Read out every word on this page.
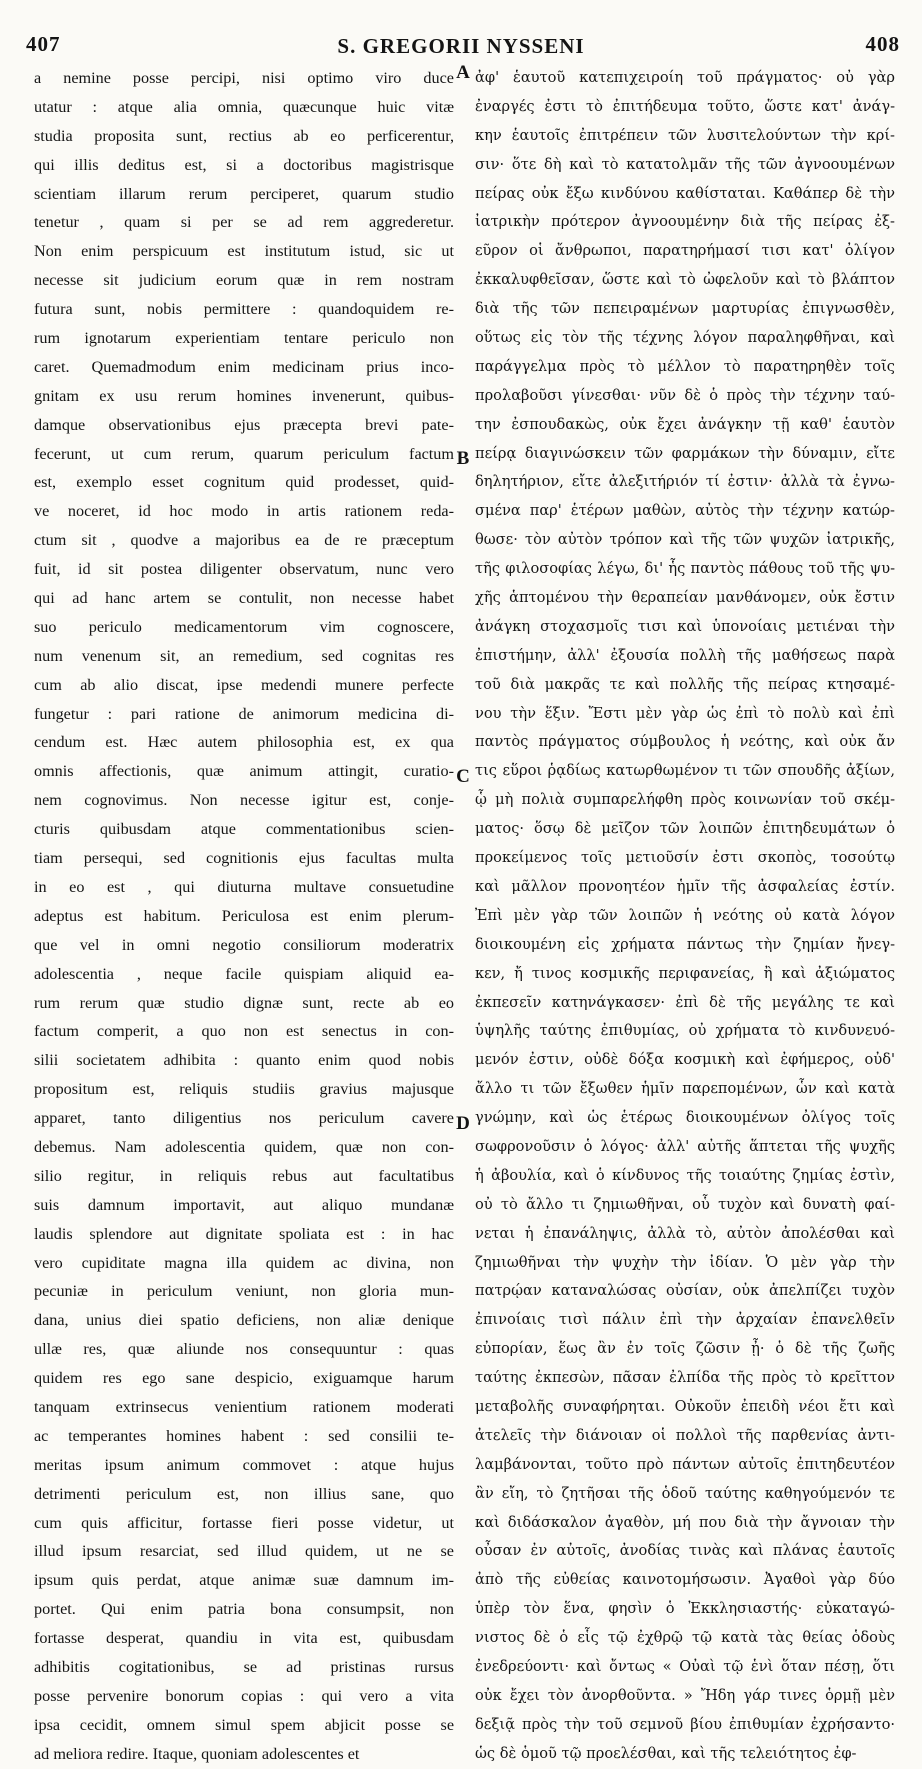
407	S. GREGORII NYSSENI	408
a nemine posse percipi, nisi optimo viro duce
utatur : atque alia omnia, quæcunque huic vitæ
studia proposita sunt, rectius ab eo perficerentur,
qui illis deditus est, si a doctoribus magistrisque
scientiam illarum rerum perciperet, quarum studio
tenetur , quam si per se ad rem aggrederetur.
Non enim perspicuum est institutum istud, sic ut
necesse sit judicium eorum quæ in rem nostram
futura sunt, nobis permittere : quandoquidem re-
rum ignotarum experientiam tentare periculo non
caret. Quemadmodum enim medicinam prius inco-
gnitam ex usu rerum homines invenerunt, quibus-
damque observationibus ejus præcepta brevi pate-
fecerunt, ut cum rerum, quarum periculum factum
est, exemplo esset cognitum quid prodesset, quid-
ve noceret, id hoc modo in artis rationem reda-
ctum sit , quodve a majoribus ea de re præceptum
fuit, id sit postea diligenter observatum, nunc vero
qui ad hanc artem se contulit, non necesse habet
suo periculo medicamentorum vim cognoscere,
num venenum sit, an remedium, sed cognitas res
cum ab alio discat, ipse medendi munere perfecte
fungetur : pari ratione de animorum medicina di-
cendum est. Hæc autem philosophia est, ex qua
omnis affectionis, quæ animum attingit, curatio-
nem cognovimus. Non necesse igitur est, conje-
cturis quibusdam atque commentationibus scien-
tiam persequi, sed cognitionis ejus facultas multa
in eo est , qui diuturna multave consuetudine
adeptus est habitum. Periculosa est enim plerum-
que vel in omni negotio consiliorum moderatrix
adolescentia , neque facile quispiam aliquid ea-
rum rerum quæ studio dignæ sunt, recte ab eo
factum comperit, a quo non est senectus in con-
silii societatem adhibita : quanto enim quod nobis
propositum est, reliquis studiis gravius majusque
apparet, tanto diligentius nos periculum cavere
debemus. Nam adolescentia quidem, quæ non con-
silio regitur, in reliquis rebus aut facultatibus
suis damnum importavit, aut aliquo mundanæ
laudis splendore aut dignitate spoliata est : in hac
vero cupiditate magna illa quidem ac divina, non
pecuniæ in periculum veniunt, non gloria mun-
dana, unius diei spatio deficiens, non aliæ denique
ullæ res, quæ aliunde nos consequuntur : quas
quidem res ego sane despicio, exiguamque harum
tanquam extrinsecus venientium rationem moderati
ac temperantes homines habent : sed consilii te-
meritas ipsum animum commovet : atque hujus
detrimenti periculum est, non illius sane, quo
cum quis afficitur, fortasse fieri posse videtur, ut
illud ipsum resarciat, sed illud quidem, ut ne se
ipsum quis perdat, atque animæ suæ damnum im-
portet. Qui enim patria bona consumpsit, non
fortasse desperat, quandiu in vita est, quibusdam
adhibitis cogitationibus, se ad pristinas rursus
posse pervenire bonorum copias : qui vero a vita
ipsa cecidit, omnem simul spem abjicit posse se
ad meliora redire. Itaque, quoniam adolescentes et
ἀφ' ἑαυτοῦ κατεπιχειροίη τοῦ πράγματος· οὐ γὰρ
ἐναργές ἐστι τὸ ἐπιτήδευμα τοῦτο, ὥστε κατ' ἀνάγ-
κην ἑαυτοῖς ἐπιτρέπειν τῶν λυσιτελούντων τὴν κρί-
σιν· ὅτε δὴ καὶ τὸ κατατολμᾶν τῆς τῶν ἀγνοουμένων
πείρας οὐκ ἔξω κινδύνου καθίσταται. Καθάπερ δὲ τὴν
ἰατρικὴν πρότερον ἀγνοουμένην διὰ τῆς πείρας ἐξ-
εῦρον οἱ ἄνθρωποι, παρατηρήμασί τισι κατ' ὀλίγον
ἐκκαλυφθεῖσαν, ὥστε καὶ τὸ ὠφελοῦν καὶ τὸ βλάπτον
διὰ τῆς τῶν πεπειραμένων μαρτυρίας ἐπιγνωσθὲν,
οὕτως εἰς τὸν τῆς τέχνης λόγον παραληφθῆναι, καὶ
παράγγελμα πρὸς τὸ μέλλον τὸ παρατηρηθὲν τοῖς
προλαβοῦσι γίνεσθαι· νῦν δὲ ὁ πρὸς τὴν τέχνην ταύ-
την ἐσπουδακὼς, οὐκ ἔχει ἀνάγκην τῇ καθ' ἑαυτὸν
πείρᾳ διαγινώσκειν τῶν φαρμάκων τὴν δύναμιν, εἴτε
δηλητήριον, εἴτε ἀλεξιτήριόν τί ἐστιν· ἀλλὰ τὰ ἐγνω-
σμένα παρ' ἑτέρων μαθὼν, αὐτὸς τὴν τέχνην κατώρ-
θωσε· τὸν αὐτὸν τρόπον καὶ τῆς τῶν ψυχῶν ἰατρικῆς,
τῆς φιλοσοφίας λέγω, δι' ἧς παντὸς πάθους τοῦ τῆς ψυ-
χῆς ἁπτομένου τὴν θεραπείαν μανθάνομεν, οὐκ ἔστιν
ἀνάγκη στοχασμοῖς τισι καὶ ὑπονοίαις μετιέναι τὴν
ἐπιστήμην, ἀλλ' ἐξουσία πολλὴ τῆς μαθήσεως παρὰ
τοῦ διὰ μακρᾶς τε καὶ πολλῆς τῆς πείρας κτησαμέ-
νου τὴν ἕξιν. Ἔστι μὲν γὰρ ὡς ἐπὶ τὸ πολὺ καὶ ἐπὶ
παντὸς πράγματος σύμβουλος ἡ νεότης, καὶ οὐκ ἄν
τις εὕροι ῥᾳδίως κατωρθωμένον τι τῶν σπουδῆς ἀξίων,
ᾧ μὴ πολιὰ συμπαρελήφθη πρὸς κοινωνίαν τοῦ σκέμ-
ματος· ὅσῳ δὲ μεῖζον τῶν λοιπῶν ἐπιτηδευμάτων ὁ
προκείμενος τοῖς μετιοῦσίν ἐστι σκοπὸς, τοσούτῳ
καὶ μᾶλλον προνοητέον ἡμῖν τῆς ἀσφαλείας ἐστίν.
Ἐπὶ μὲν γὰρ τῶν λοιπῶν ἡ νεότης οὐ κατὰ λόγον
διοικουμένη εἰς χρήματα πάντως τὴν ζημίαν ἤνεγ-
κεν, ἤ τινος κοσμικῆς περιφανείας, ἢ καὶ ἀξιώματος
ἐκπεσεῖν κατηνάγκασεν· ἐπὶ δὲ τῆς μεγάλης τε καὶ
ὑψηλῆς ταύτης ἐπιθυμίας, οὐ χρήματα τὸ κινδυνευό-
μενόν ἐστιν, οὐδὲ δόξα κοσμικὴ καὶ ἐφήμερος, οὐδ'
ἄλλο τι τῶν ἔξωθεν ἡμῖν παρεπομένων, ὧν καὶ κατὰ
γνώμην, καὶ ὡς ἑτέρως διοικουμένων ὀλίγος τοῖς
σωφρονοῦσιν ὁ λόγος· ἀλλ' αὐτῆς ἅπτεται τῆς ψυχῆς
ἡ ἀβουλία, καὶ ὁ κίνδυνος τῆς τοιαύτης ζημίας ἐστὶν,
οὐ τὸ ἄλλο τι ζημιωθῆναι, οὗ τυχὸν καὶ δυνατὴ φαί-
νεται ἡ ἐπανάληψις, ἀλλὰ τὸ, αὐτὸν ἀπολέσθαι καὶ
ζημιωθῆναι τὴν ψυχὴν τὴν ἰδίαν. Ὁ μὲν γὰρ τὴν
πατρῴαν καταναλώσας οὐσίαν, οὐκ ἀπελπίζει τυχὸν
ἐπινοίαις τισὶ πάλιν ἐπὶ τὴν ἀρχαίαν ἐπανελθεῖν
εὐπορίαν, ἕως ἂν ἐν τοῖς ζῶσιν ᾖ· ὁ δὲ τῆς ζωῆς
ταύτης ἐκπεσὼν, πᾶσαν ἐλπίδα τῆς πρὸς τὸ κρεῖττον
μεταβολῆς συναφήρηται. Οὐκοῦν ἐπειδὴ νέοι ἔτι καὶ
ἀτελεῖς τὴν διάνοιαν οἱ πολλοὶ τῆς παρθενίας ἀντι-
λαμβάνονται, τοῦτο πρὸ πάντων αὐτοῖς ἐπιτηδευτέον
ἂν εἴη, τὸ ζητῆσαι τῆς ὁδοῦ ταύτης καθηγούμενόν τε
καὶ διδάσκαλον ἀγαθὸν, μή που διὰ τὴν ἄγνοιαν τὴν
οὖσαν ἐν αὐτοῖς, ἀνοδίας τινὰς καὶ πλάνας ἑαυτοῖς
ἀπὸ τῆς εὐθείας καινοτομήσωσιν. Ἀγαθοὶ γὰρ δύο
ὑπὲρ τὸν ἕνα, φησὶν ὁ Ἐκκλησιαστής· εὐκαταγώ-
νιστος δὲ ὁ εἷς τῷ ἐχθρῷ τῷ κατὰ τὰς θείας ὁδοὺς
ἐνεδρεύοντι· καὶ ὄντως « Οὐαὶ τῷ ἑνὶ ὅταν πέσῃ, ὅτι
οὐκ ἔχει τὸν ἀνορθοῦντα. » Ἤδη γάρ τινες ὁρμῇ μὲν
δεξιᾷ πρὸς τὴν τοῦ σεμνοῦ βίου ἐπιθυμίαν ἐχρήσαντο·
ὡς δὲ ὁμοῦ τῷ προελέσθαι, καὶ τῆς τελειότητος ἐφ-
A
B
C
D
